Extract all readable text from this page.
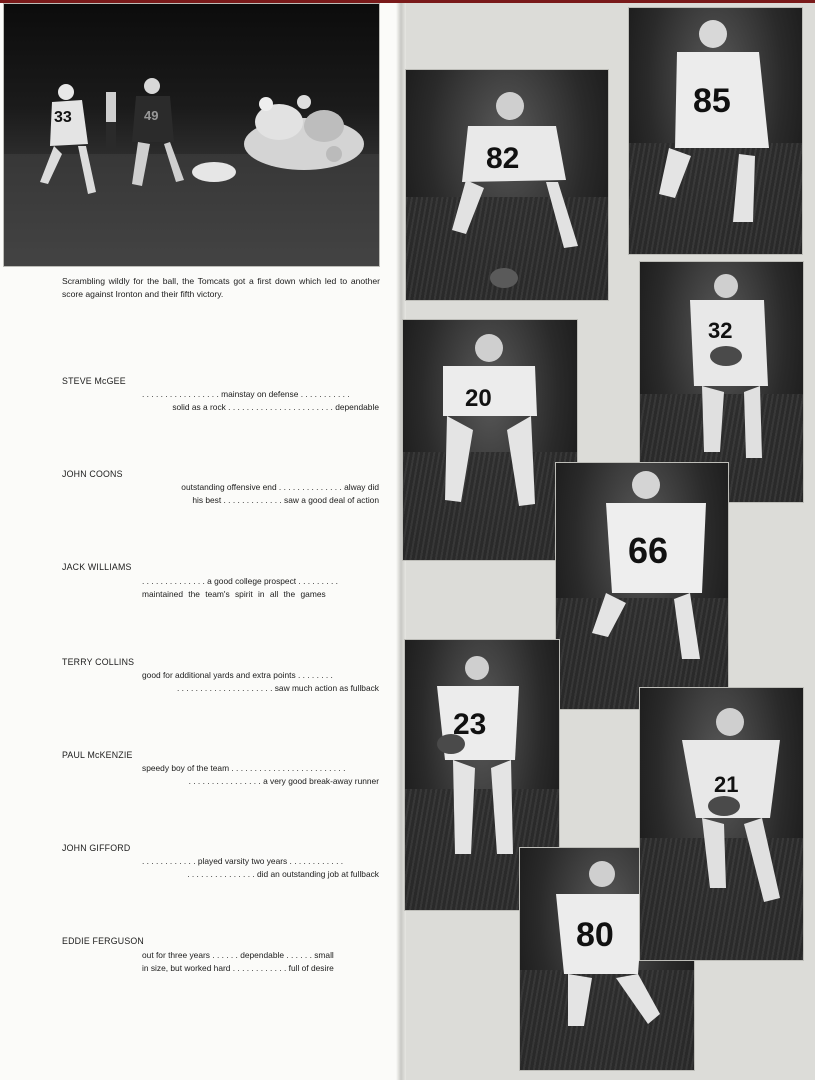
33	49
Scrambling wildly for the ball, the Tomcats got a first down which led to another score against Ironton and their fifth victory.
STEVE McGEE
. . . . . . . . . . . . . . . . . mainstay on defense . . . . . . . . . . .
solid as a rock . . . . . . . . . . . . . . . . . . . . . . . dependable
JOHN COONS
outstanding offensive end . . . . . . . . . . . . . . alway did
his best . . . . . . . . . . . . . saw a good deal of action
JACK WILLIAMS
. . . . . . . . . . . . . . a good college prospect . . . . . . . . .
maintained the team's spirit in all the games
TERRY COLLINS
good for additional yards and extra points . . . . . . . .
. . . . . . . . . . . . . . . . . . . . . saw much action as fullback
PAUL McKENZIE
speedy boy of the team . . . . . . . . . . . . . . . . . . . . . . . . .
. . . . . . . . . . . . . . . . a very good break-away runner
JOHN GIFFORD
. . . . . . . . . . . . played varsity two years . . . . . . . . . . . .
. . . . . . . . . . . . . . . did an outstanding job at fullback
EDDIE FERGUSON
out for three years . . . . . . dependable . . . . . . small
in size, but worked hard . . . . . . . . . . . . full of desire
82
85
20
32
66
23
80
21
